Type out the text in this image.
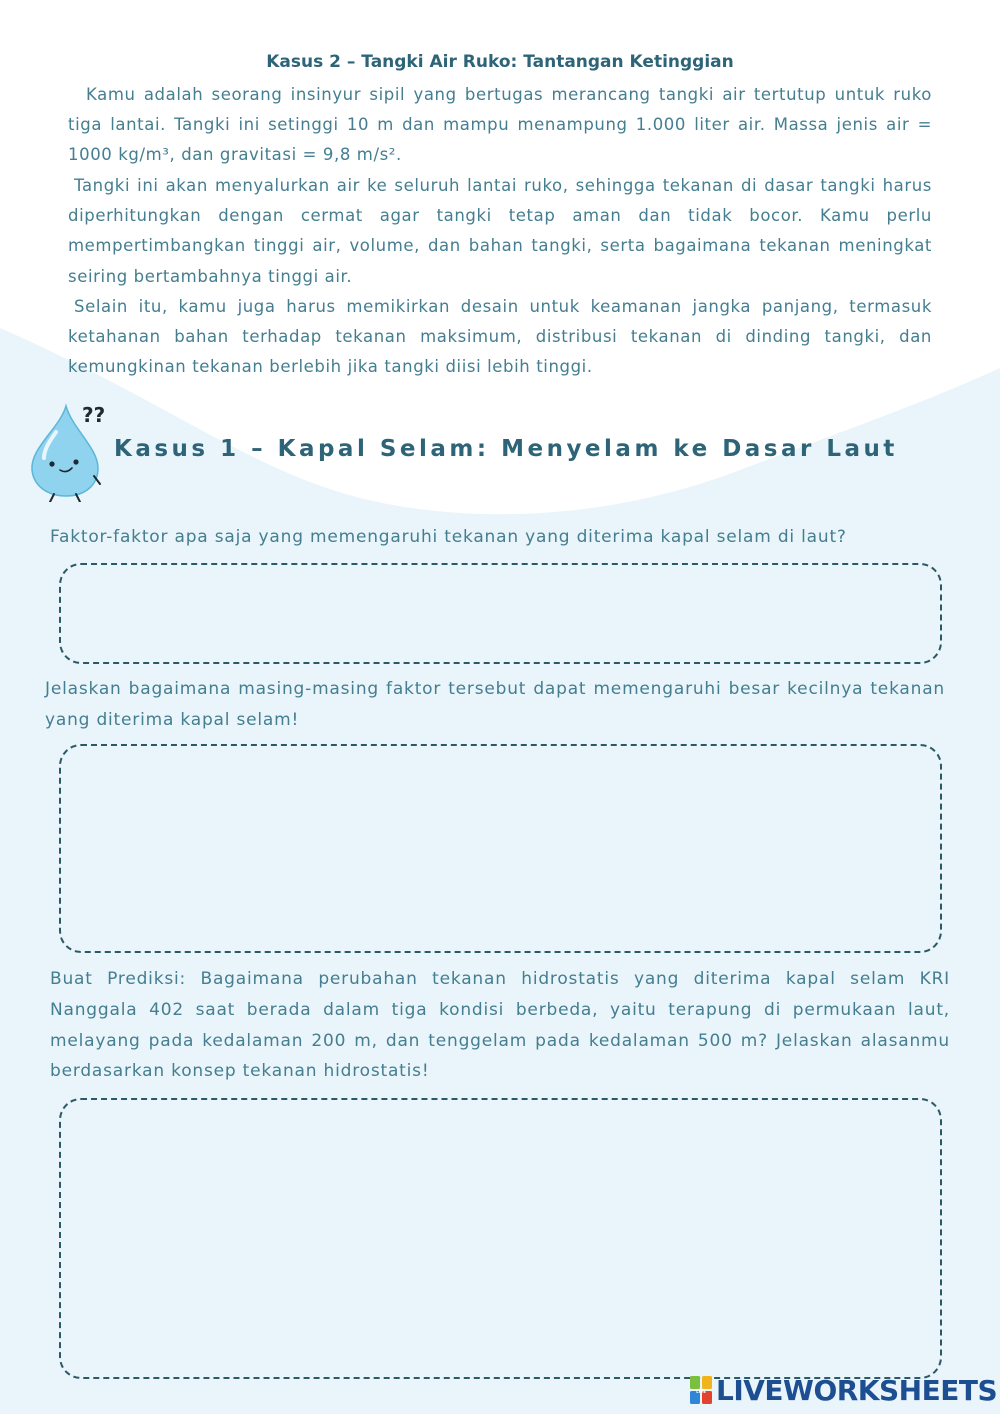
Kasus 2 – Tangki Air Ruko: Tantangan Ketinggian

Kamu adalah seorang insinyur sipil yang bertugas merancang tangki air tertutup untuk ruko tiga lantai. Tangki ini setinggi 10 m dan mampu menampung 1.000 liter air. Massa jenis air = 1000 kg/m³, dan gravitasi = 9,8 m/s².

Tangki ini akan menyalurkan air ke seluruh lantai ruko, sehingga tekanan di dasar tangki harus diperhitungkan dengan cermat agar tangki tetap aman dan tidak bocor. Kamu perlu mempertimbangkan tinggi air, volume, dan bahan tangki, serta bagaimana tekanan meningkat seiring bertambahnya tinggi air.

Selain itu, kamu juga harus memikirkan desain untuk keamanan jangka panjang, termasuk ketahanan bahan terhadap tekanan maksimum, distribusi tekanan di dinding tangki, dan kemungkinan tekanan berlebih jika tangki diisi lebih tinggi.

??
Kasus 1 – Kapal Selam: Menyelam ke Dasar Laut

Faktor-faktor apa saja yang memengaruhi tekanan yang diterima kapal selam di laut?

Jelaskan bagaimana masing-masing faktor tersebut dapat memengaruhi besar kecilnya tekanan yang diterima kapal selam!

Buat Prediksi: Bagaimana perubahan tekanan hidrostatis yang diterima kapal selam KRI Nanggala 402 saat berada dalam tiga kondisi berbeda, yaitu terapung di permukaan laut, melayang pada kedalaman 200 m, dan tenggelam pada kedalaman 500 m? Jelaskan alasanmu berdasarkan konsep tekanan hidrostatis!

LIVE LIVEWORKSHEETS
